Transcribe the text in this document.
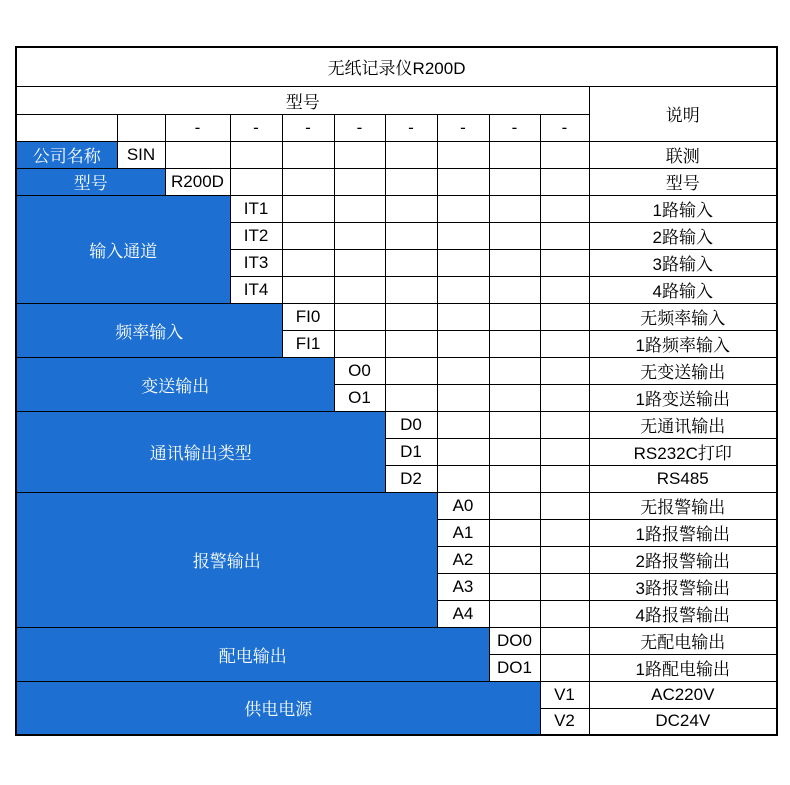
无纸记录仪R200D										
型号										说明
		-	-	-	-	-	-	-	-	
公司名称	SIN									联测
型号		R200D								型号
输入通道			IT1							1路输入
			IT2							2路输入
			IT3							3路输入
			IT4							4路输入
频率输入				FI0						无频率输入
				FI1						1路频率输入
变送输出					O0					无变送输出
					O1					1路变送输出
通讯输出类型						D0				无通讯输出
						D1				RS232C打印
						D2				RS485
报警输出							A0			无报警输出
							A1			1路报警输出
							A2			2路报警输出
							A3			3路报警输出
							A4			4路报警输出
配电输出								DO0		无配电输出
								DO1		1路配电输出
供电电源									V1	AC220V
									V2	DC24V
